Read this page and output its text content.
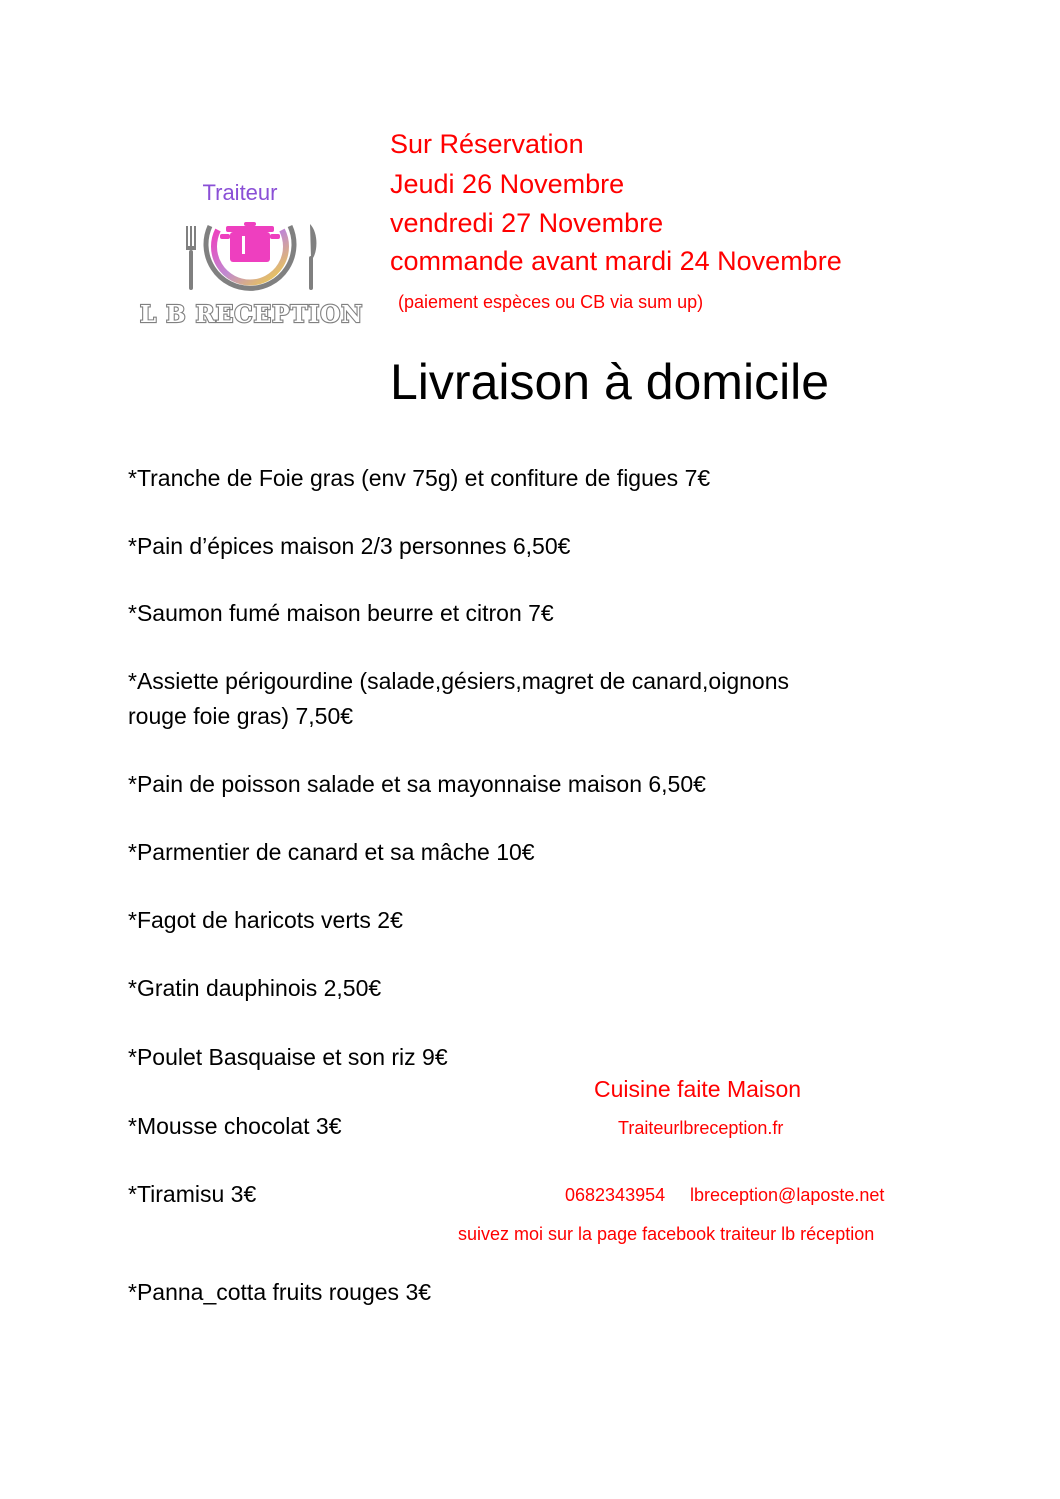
Traiteur
L B RECEPTION
Sur Réservation
Jeudi 26 Novembre
vendredi 27 Novembre
commande avant mardi 24 Novembre
(paiement espèces ou CB via sum up)
Livraison à domicile
*Tranche de Foie gras (env 75g) et confiture de figues 7€
*Pain d’épices maison 2/3 personnes 6,50€
*Saumon fumé maison beurre et citron 7€
*Assiette périgourdine (salade,gésiers,magret de canard,oignons
rouge foie gras) 7,50€
*Pain de poisson salade et sa mayonnaise maison 6,50€
*Parmentier de canard et sa mâche 10€
*Fagot de haricots verts 2€
*Gratin dauphinois 2,50€
*Poulet Basquaise et son riz 9€
*Mousse chocolat 3€
*Tiramisu 3€
*Panna_cotta fruits rouges 3€
Cuisine faite Maison
Traiteurlbreception.fr
0682343954 lbreception@laposte.net
suivez moi sur la page facebook traiteur lb réception
